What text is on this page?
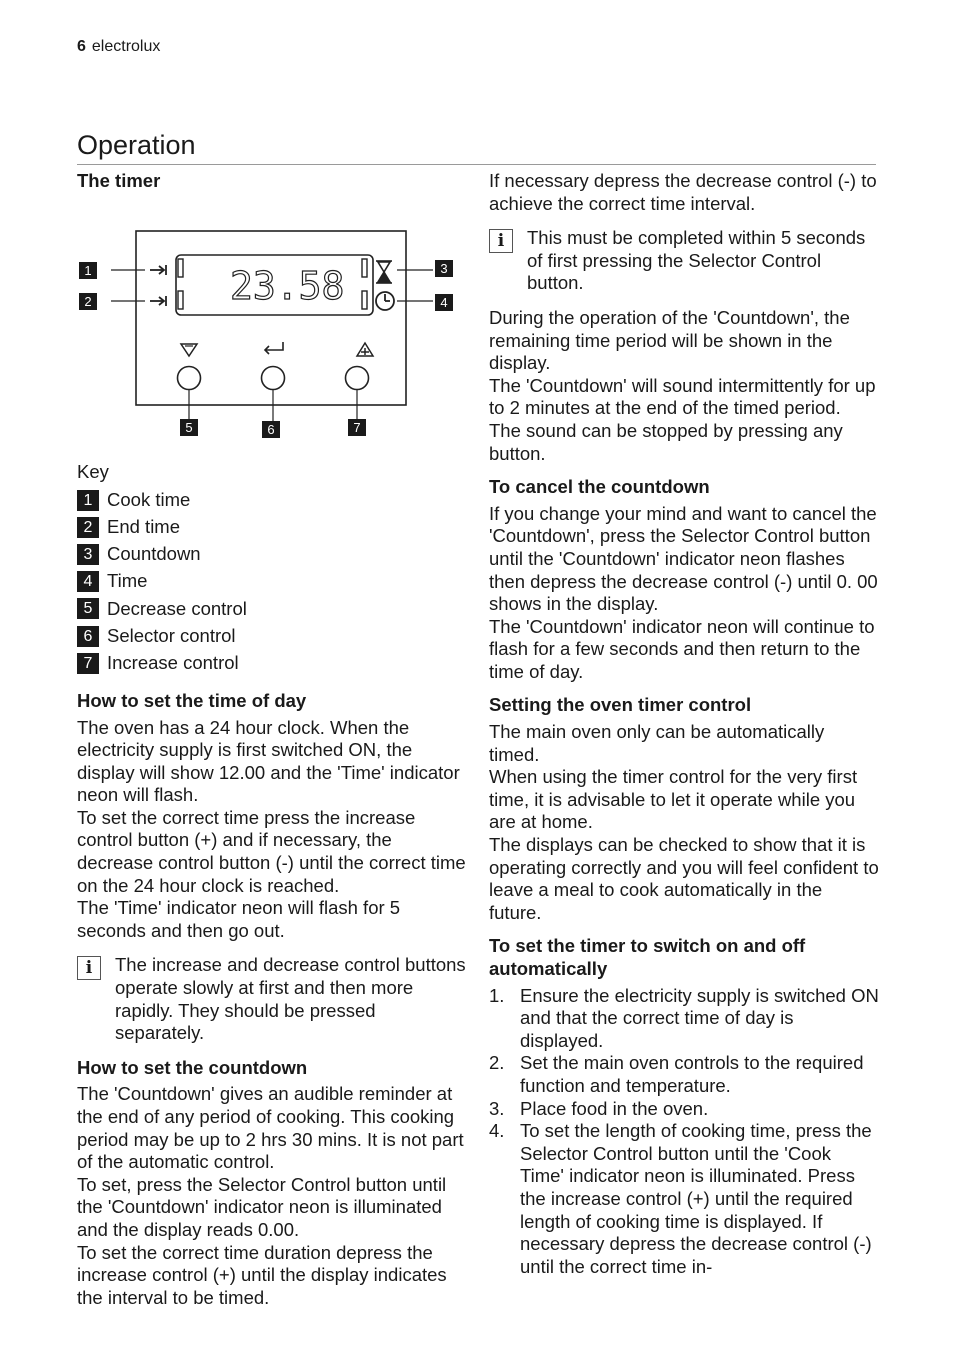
6 electrolux
Operation
The timer
23.58
1
2
3
4
5	6	7
Key
1 Cook time
2 End time
3 Countdown
4 Time
5 Decrease control
6 Selector control
7 Increase control
How to set the time of day

The oven has a 24 hour clock. When the electricity supply is first switched ON, the display will show 12.00 and the 'Time' indicator neon will flash.

To set the correct time press the increase control button (+) and if necessary, the decrease control button (-) until the correct time on the 24 hour clock is reached.

The 'Time' indicator neon will flash for 5 seconds and then go out.

i	The increase and decrease control buttons operate slowly at first and then more rapidly. They should be pressed separately.
How to set the countdown

The 'Countdown' gives an audible reminder at the end of any period of cooking. This cooking period may be up to 2 hrs 30 mins. It is not part of the automatic control.

To set, press the Selector Control button until the 'Countdown' indicator neon is illuminated and the display reads 0.00.

To set the correct time duration depress the increase control (+) until the display indicates the interval to be timed.

If necessary depress the decrease control (-) to achieve the correct time interval.

i	This must be completed within 5 seconds of first pressing the Selector Control button.

During the operation of the 'Countdown', the remaining time period will be shown in the display.

The 'Countdown' will sound intermittently for up to 2 minutes at the end of the timed period.

The sound can be stopped by pressing any button.

To cancel the countdown

If you change your mind and want to cancel the 'Countdown', press the Selector Control button until the 'Countdown' indicator neon flashes then depress the decrease control (-) until 0. 00 shows in the display.

The 'Countdown' indicator neon will continue to flash for a few seconds and then return to the time of day.

Setting the oven timer control

The main oven only can be automatically timed.

When using the timer control for the very first time, it is advisable to let it operate while you are at home.

The displays can be checked to show that it is operating correctly and you will feel confident to leave a meal to cook automatically in the future.

To set the timer to switch on and off automatically
1. Ensure the electricity supply is switched ON and that the correct time of day is displayed.
2. Set the main oven controls to the required function and temperature.
3. Place food in the oven.
4. To set the length of cooking time, press the Selector Control button until the 'Cook Time' indicator neon is illuminated. Press the increase control (+) until the required length of cooking time is displayed. If necessary depress the decrease control (-) until the correct time in-
